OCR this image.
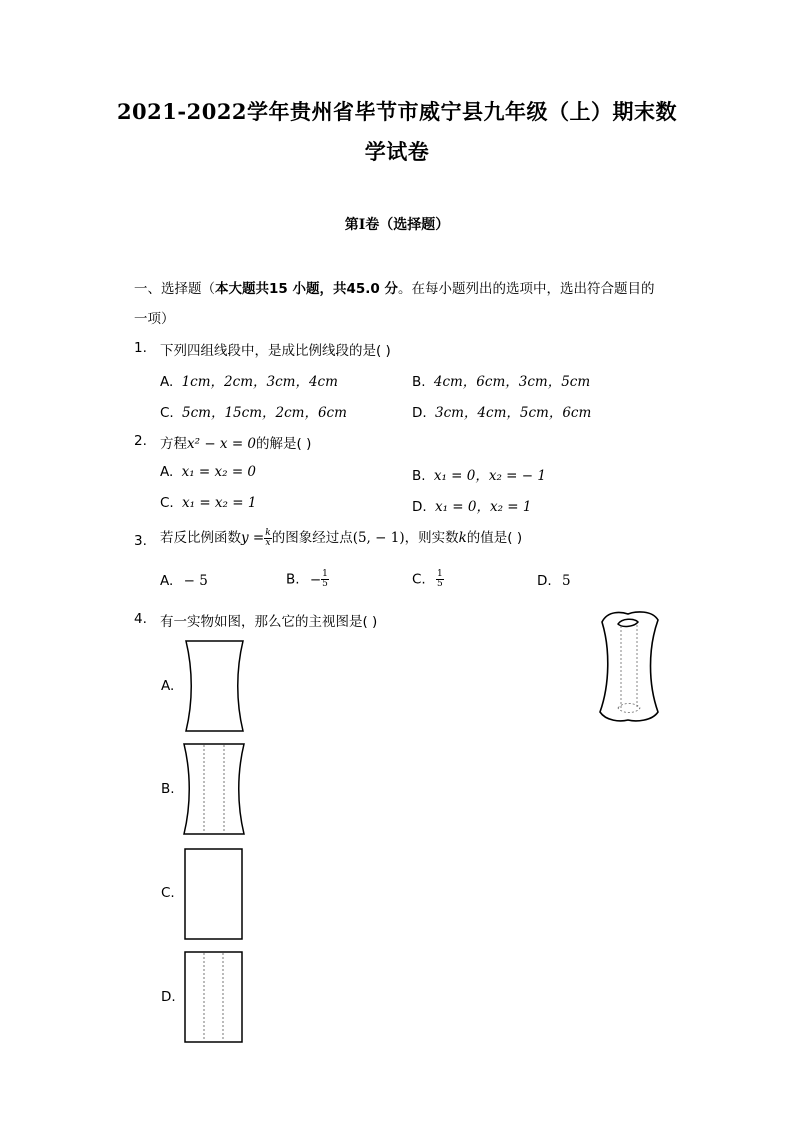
2021-2022学年贵州省毕节市威宁县九年级（上）期末数
学试卷
第I卷（选择题）
一、选择题（本大题共15 小题，共45.0 分。在每小题列出的选项中，选出符合题目的
一项）
1. 下列四组线段中，是成比例线段的是( )
A. 1cm，2cm，3cm，4cm	B. 4cm，6cm，3cm，5cm
C. 5cm，15cm，2cm，6cm	D. 3cm，4cm，5cm，6cm
2. 方程x² − x = 0的解是( )
A. x₁ = x₂ = 0	B. x₁ = 0，x₂ = − 1
C. x₁ = x₂ = 1	D. x₁ = 0，x₂ = 1
3. 若反比例函数$y = \frac{k}{x}$ 的图象经过点(5, − 1)，则实数k的值是( )
A. − 5	B. − $\frac{1}{5}$	C. $\frac{1}{5}$	D. 5
4. 有一实物如图，那么它的主视图是( )
A.
B.
C.
D.
